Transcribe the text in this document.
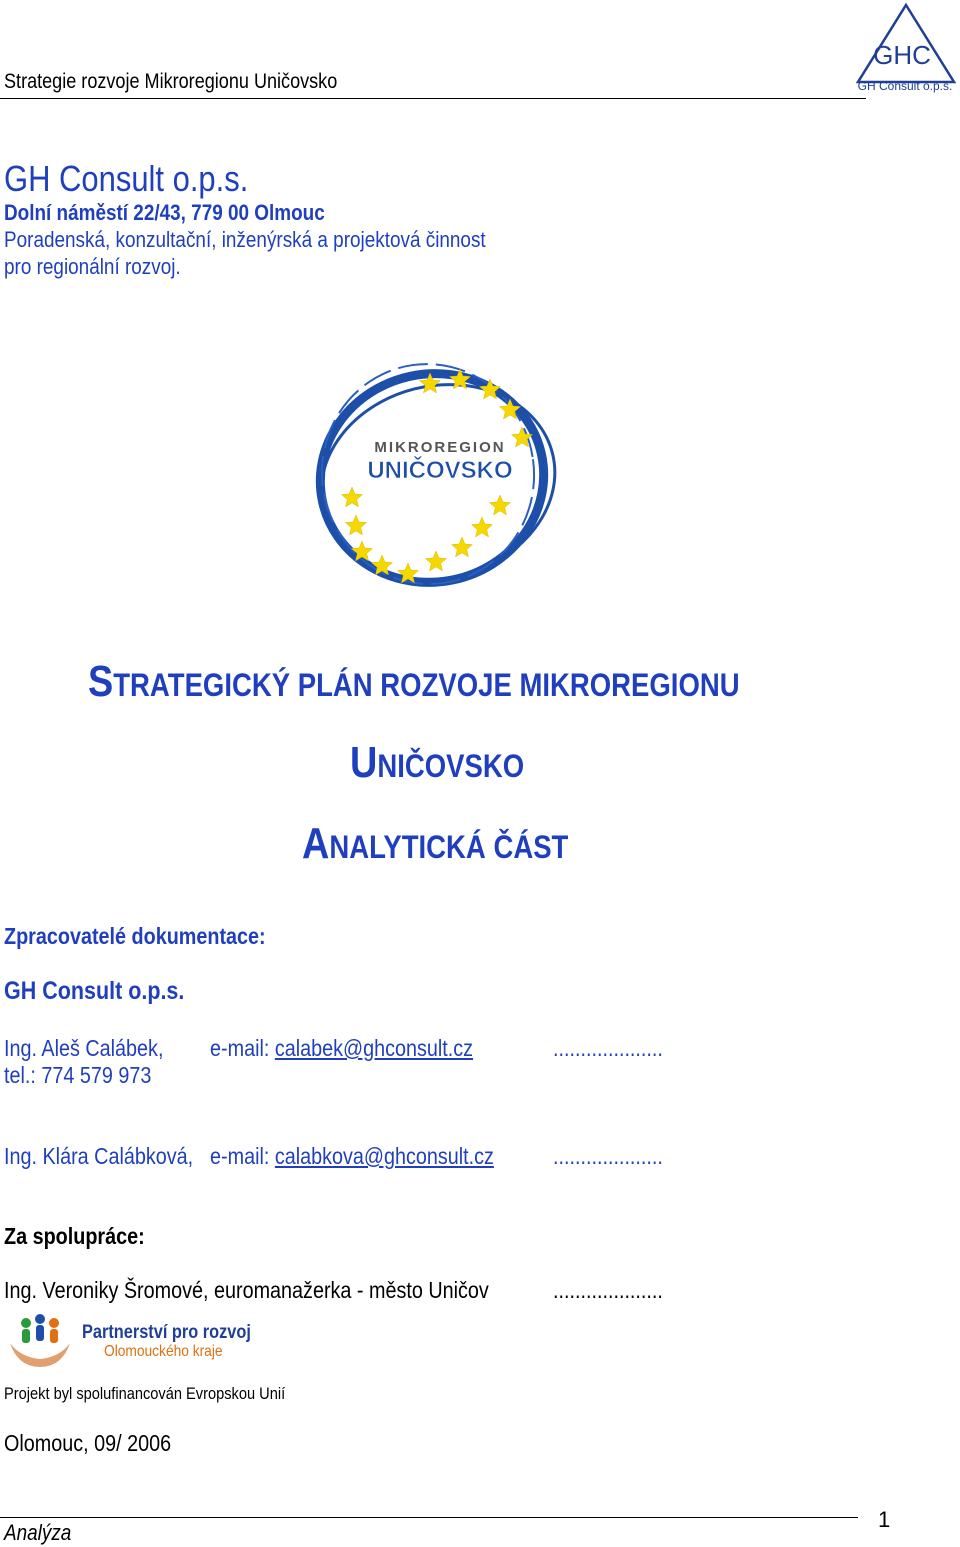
Strategie rozvoje Mikroregionu Uničovsko
GHC
GH Consult o.p.s.
GH Consult o.p.s.
Dolní náměstí 22/43, 779 00 Olmouc
Poradenská, konzultační, inženýrská a projektová činnost
pro regionální rozvoj.
MIKROREGION
UNIČOVSKO
STRATEGICKÝ PLÁN ROZVOJE MIKROREGIONU
UNIČOVSKO
ANALYTICKÁ ČÁST
Zpracovatelé dokumentace:
GH Consult o.p.s.
Ing. Aleš Calábek, e-mail: calabek@ghconsult.cz	....................
tel.: 774 579 973
Ing. Klára Calábková, e-mail: calabkova@ghconsult.cz	....................
Za spolupráce:
Ing. Veroniky Šromové, euromanažerka - město Uničov	....................
Partnerství pro rozvoj
Olomouckého kraje
Projekt byl spolufinancován Evropskou Unií
Olomouc, 09/ 2006
Analýza
1
